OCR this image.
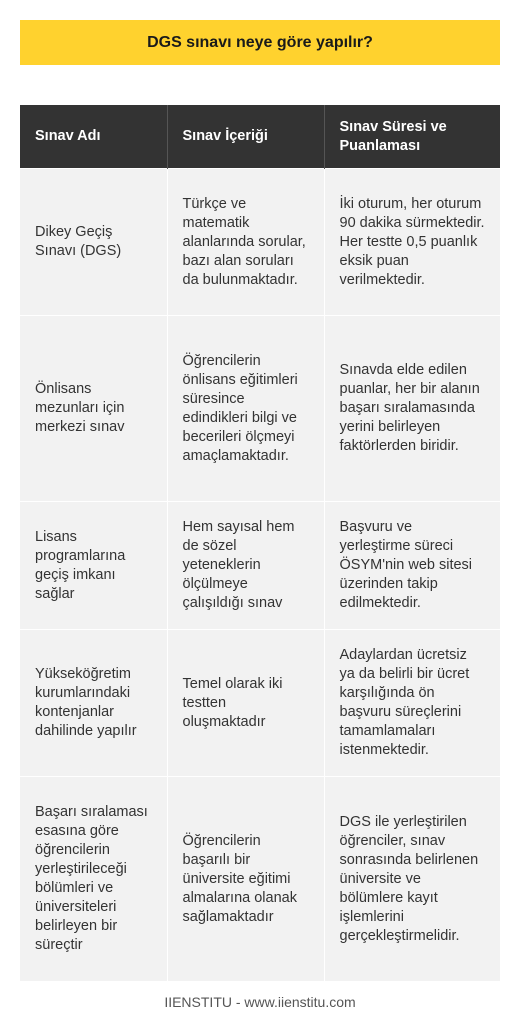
DGS sınavı neye göre yapılır?
Sınav Adı	Sınav İçeriği	Sınav Süresi ve Puanlaması
Dikey Geçiş Sınavı (DGS)	Türkçe ve matematik alanlarında sorular, bazı alan soruları da bulunmaktadır.	İki oturum, her oturum 90 dakika sürmektedir. Her testte 0,5 puanlık eksik puan verilmektedir.
Önlisans mezunları için merkezi sınav	Öğrencilerin önlisans eğitimleri süresince edindikleri bilgi ve becerileri ölçmeyi amaçlamaktadır.	Sınavda elde edilen puanlar, her bir alanın başarı sıralamasında yerini belirleyen faktörlerden biridir.
Lisans programlarına geçiş imkanı sağlar	Hem sayısal hem de sözel yeteneklerin ölçülmeye çalışıldığı sınav	Başvuru ve yerleştirme süreci ÖSYM'nin web sitesi üzerinden takip edilmektedir.
Yükseköğretim kurumlarındaki kontenjanlar dahilinde yapılır	Temel olarak iki testten oluşmaktadır	Adaylardan ücretsiz ya da belirli bir ücret karşılığında ön başvuru süreçlerini tamamlamaları istenmektedir.
Başarı sıralaması esasına göre öğrencilerin yerleştirileceği bölümleri ve üniversiteleri belirleyen bir süreçtir	Öğrencilerin başarılı bir üniversite eğitimi almalarına olanak sağlamaktadır	DGS ile yerleştirilen öğrenciler, sınav sonrasında belirlenen üniversite ve bölümlere kayıt işlemlerini gerçekleştirmelidir.
IIENSTITU - www.iienstitu.com
